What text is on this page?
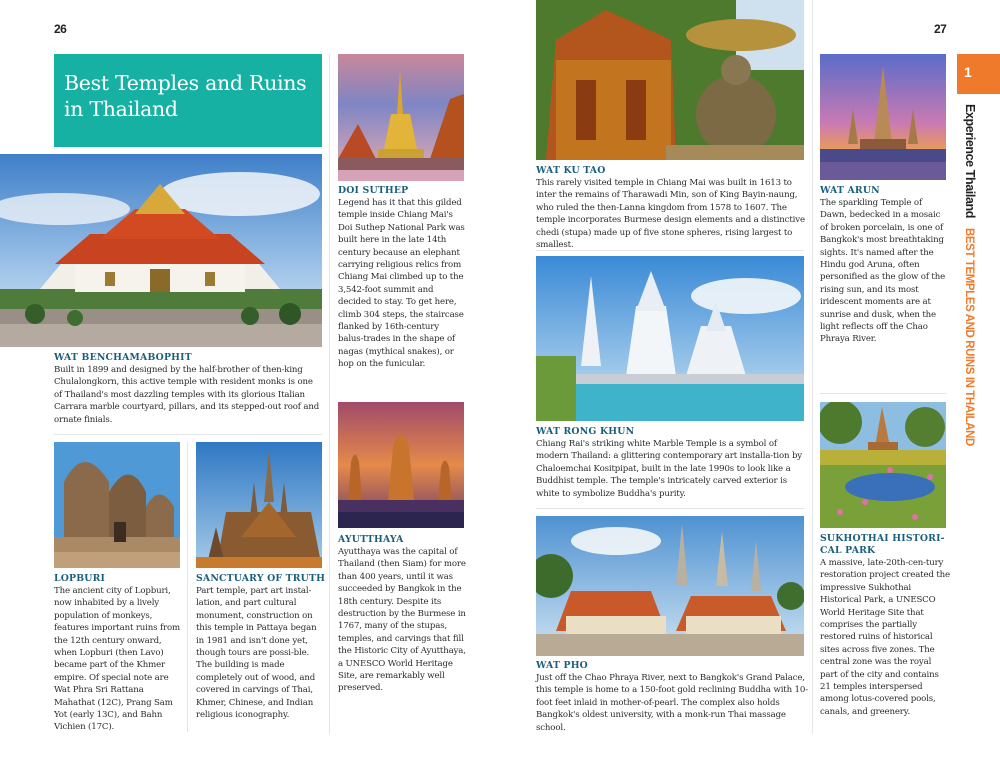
26	27
Best Temples and Ruins
in Thailand
WAT BENCHAMABOPHIT
Built in 1899 and designed by the half-brother of then-king Chulalongkorn, this active temple with resident monks is one of Thailand's most dazzling temples with its glorious Italian Carrara marble courtyard, pillars, and its stepped-out roof and ornate finials.
DOI SUTHEP
Legend has it that this gilded temple inside Chiang Mai's Doi Suthep National Park was built here in the late 14th century because an elephant carrying religious relics from Chiang Mai climbed up to the 3,542-foot summit and decided to stay. To get here, climb 304 steps, the staircase flanked by 16th-century balus-trades in the shape of nagas (mythical snakes), or hop on the funicular.
LOPBURI
The ancient city of Lopburi, now inhabited by a lively population of monkeys, features important ruins from the 12th century onward, when Lopburi (then Lavo) became part of the Khmer empire. Of special note are Wat Phra Sri Rattana Mahathat (12C), Prang Sam Yot (early 13C), and Bahn Vichien (17C).
SANCTUARY OF TRUTH
Part temple, part art instal-lation, and part cultural monument, construction on this temple in Pattaya began in 1981 and isn't done yet, though tours are possi-ble. The building is made completely out of wood, and covered in carvings of Thai, Khmer, Chinese, and Indian religious iconography.
AYUTTHAYA
Ayutthaya was the capital of Thailand (then Siam) for more than 400 years, until it was succeeded by Bangkok in the 18th century. Despite its destruction by the Burmese in 1767, many of the stupas, temples, and carvings that fill the Historic City of Ayutthaya, a UNESCO World Heritage Site, are remarkably well preserved.
WAT KU TAO
This rarely visited temple in Chiang Mai was built in 1613 to inter the remains of Tharawadi Min, son of King Bayin-naung, who ruled the then-Lanna kingdom from 1578 to 1607. The temple incorporates Burmese design elements and a distinctive chedi (stupa) made up of five stone spheres, rising largest to smallest.
WAT RONG KHUN
Chiang Rai's striking white Marble Temple is a symbol of modern Thailand: a glittering contemporary art installa-tion by Chaloemchai Kositpipat, built in the late 1990s to look like a Buddhist temple. The temple's intricately carved exterior is white to symbolize Buddha's purity.
WAT PHO
Just off the Chao Phraya River, next to Bangkok's Grand Palace, this temple is home to a 150-foot gold reclining Buddha with 10-foot feet inlaid in mother-of-pearl. The complex also holds Bangkok's oldest university, with a monk-run Thai massage school.
WAT ARUN
The sparkling Temple of Dawn, bedecked in a mosaic of broken porcelain, is one of Bangkok's most breathtaking sights. It's named after the Hindu god Aruna, often personified as the glow of the rising sun, and its most iridescent moments are at sunrise and dusk, when the light reflects off the Chao Phraya River.
SUKHOTHAI HISTORI-CAL PARK
A massive, late-20th-cen-tury restoration project created the impressive Sukhothai Historical Park, a UNESCO World Heritage Site that comprises the partially restored ruins of historical sites across five zones. The central zone was the royal part of the city and contains 21 temples interspersed among lotus-covered pools, canals, and greenery.
1
Experience ThailandBEST TEMPLES AND RUINS IN THAILAND
